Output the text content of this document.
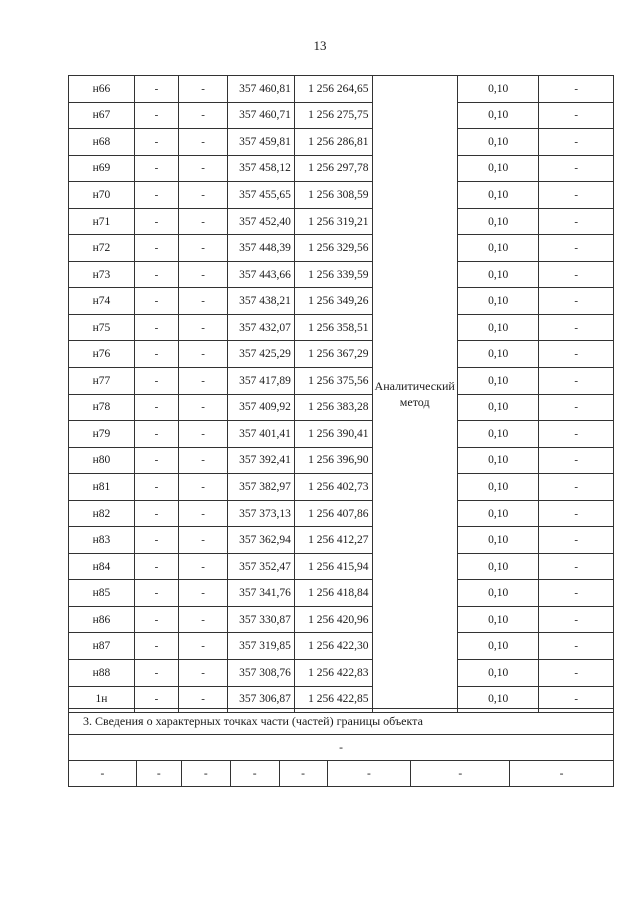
13
н66	-	-	357 460,81	1 256 264,65	Аналитический метод	0,10	-
н67	-	-	357 460,71	1 256 275,75		0,10	-
н68	-	-	357 459,81	1 256 286,81		0,10	-
н69	-	-	357 458,12	1 256 297,78		0,10	-
н70	-	-	357 455,65	1 256 308,59		0,10	-
н71	-	-	357 452,40	1 256 319,21		0,10	-
н72	-	-	357 448,39	1 256 329,56		0,10	-
н73	-	-	357 443,66	1 256 339,59		0,10	-
н74	-	-	357 438,21	1 256 349,26		0,10	-
н75	-	-	357 432,07	1 256 358,51		0,10	-
н76	-	-	357 425,29	1 256 367,29		0,10	-
н77	-	-	357 417,89	1 256 375,56		0,10	-
н78	-	-	357 409,92	1 256 383,28		0,10	-
н79	-	-	357 401,41	1 256 390,41		0,10	-
н80	-	-	357 392,41	1 256 396,90		0,10	-
н81	-	-	357 382,97	1 256 402,73		0,10	-
н82	-	-	357 373,13	1 256 407,86		0,10	-
н83	-	-	357 362,94	1 256 412,27		0,10	-
н84	-	-	357 352,47	1 256 415,94		0,10	-
н85	-	-	357 341,76	1 256 418,84		0,10	-
н86	-	-	357 330,87	1 256 420,96		0,10	-
н87	-	-	357 319,85	1 256 422,30		0,10	-
н88	-	-	357 308,76	1 256 422,83		0,10	-
1н	-	-	357 306,87	1 256 422,85		0,10	-
3. Сведения о характерных точках части (частей) границы объекта
-
-	-	-	-	-	-	-	-
